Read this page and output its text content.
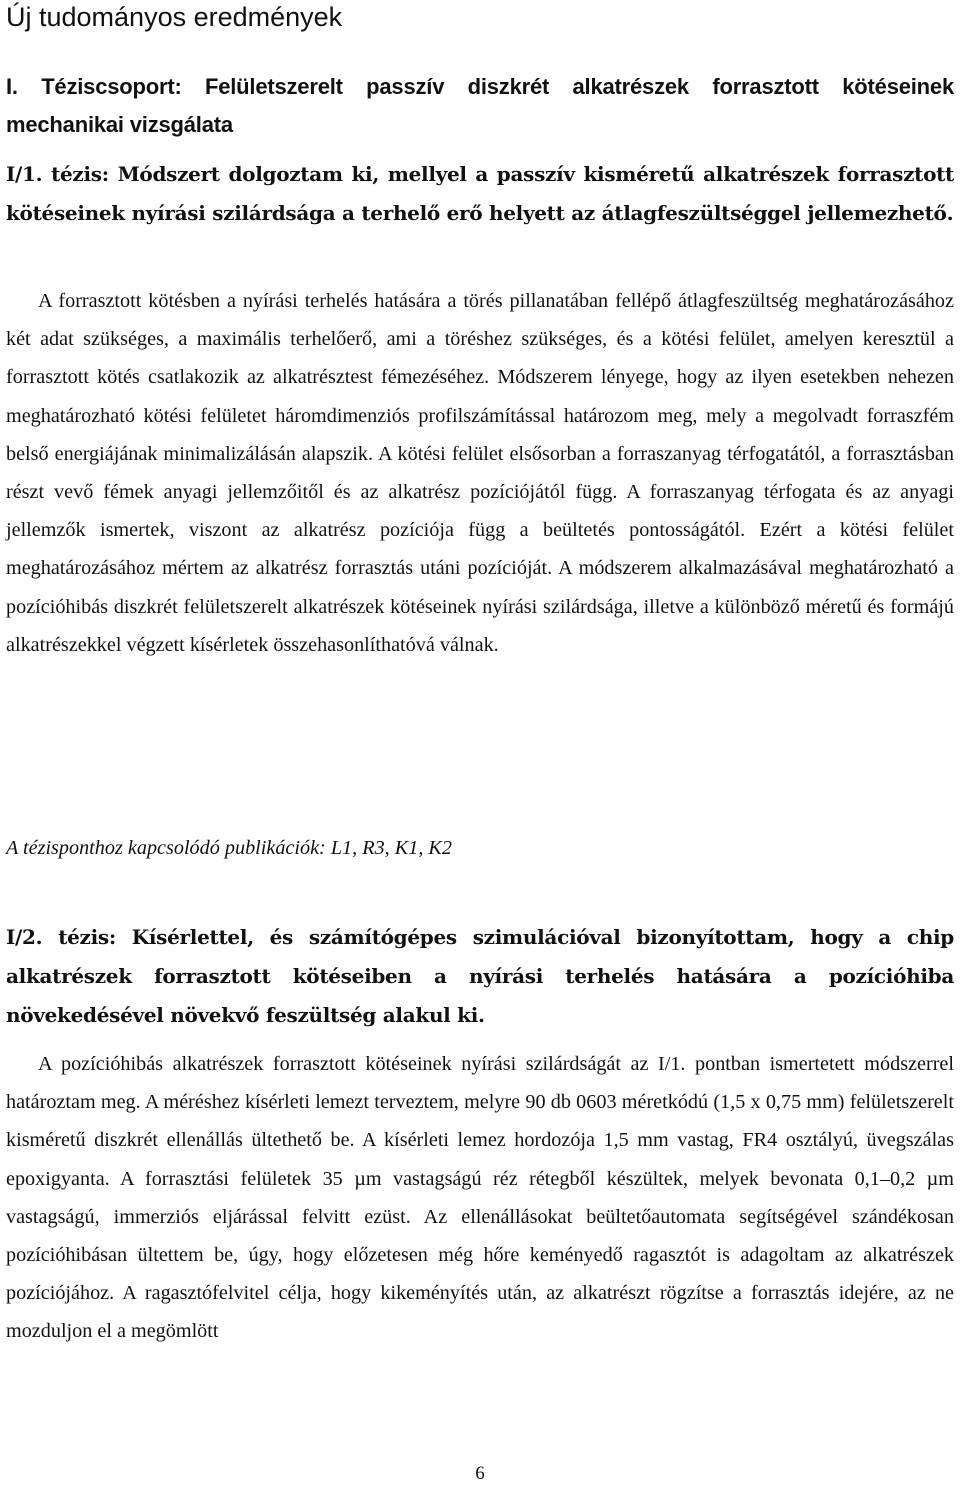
Új tudományos eredmények

I. Téziscsoport: Felületszerelt passzív diszkrét alkatrészek forrasztott kötéseinek mechanikai vizsgálata

I/1. tézis: Módszert dolgoztam ki, mellyel a passzív kisméretű alkatrészek forrasztott kötéseinek nyírási szilárdsága a terhelő erő helyett az átlagfeszültséggel jellemezhető.

A forrasztott kötésben a nyírási terhelés hatására a törés pillanatában fellépő átlagfeszültség meghatározásához két adat szükséges, a maximális terhelőerő, ami a töréshez szükséges, és a kötési felület, amelyen keresztül a forrasztott kötés csatlakozik az alkatrésztest fémezéséhez. Módszerem lényege, hogy az ilyen esetekben nehezen meghatározható kötési felületet háromdimenziós profilszámítással határozom meg, mely a megolvadt forraszfém belső energiájának minimalizálásán alapszik. A kötési felület elsősorban a forraszanyag térfogatától, a forrasztásban részt vevő fémek anyagi jellemzőitől és az alkatrész pozíciójától függ. A forraszanyag térfogata és az anyagi jellemzők ismertek, viszont az alkatrész pozíciója függ a beültetés pontosságától. Ezért a kötési felület meghatározásához mértem az alkatrész forrasztás utáni pozícióját. A módszerem alkalmazásával meghatározható a pozícióhibás diszkrét felületszerelt alkatrészek kötéseinek nyírási szilárdsága, illetve a különböző méretű és formájú alkatrészekkel végzett kísérletek összehasonlíthatóvá válnak.

A tézisponthoz kapcsolódó publikációk: L1, R3, K1, K2

I/2. tézis: Kísérlettel, és számítógépes szimulációval bizonyítottam, hogy a chip alkatrészek forrasztott kötéseiben a nyírási terhelés hatására a pozícióhiba növekedésével növekvő feszültség alakul ki.

A pozícióhibás alkatrészek forrasztott kötéseinek nyírási szilárdságát az I/1. pontban ismertetett módszerrel határoztam meg. A méréshez kísérleti lemezt terveztem, melyre 90 db 0603 méretkódú (1,5 x 0,75 mm) felületszerelt kisméretű diszkrét ellenállás ültethető be. A kísérleti lemez hordozója 1,5 mm vastag, FR4 osztályú, üvegszálas epoxigyanta. A forrasztási felületek 35 µm vastagságú réz rétegből készültek, melyek bevonata 0,1–0,2 µm vastagságú, immerziós eljárással felvitt ezüst. Az ellenállásokat beültetőautomata segítségével szándékosan pozícióhibásan ültettem be, úgy, hogy előzetesen még hőre keményedő ragasztót is adagoltam az alkatrészek pozíciójához. A ragasztófelvitel célja, hogy kikeményítés után, az alkatrészt rögzítse a forrasztás idejére, az ne mozduljon el a megömlött

6
